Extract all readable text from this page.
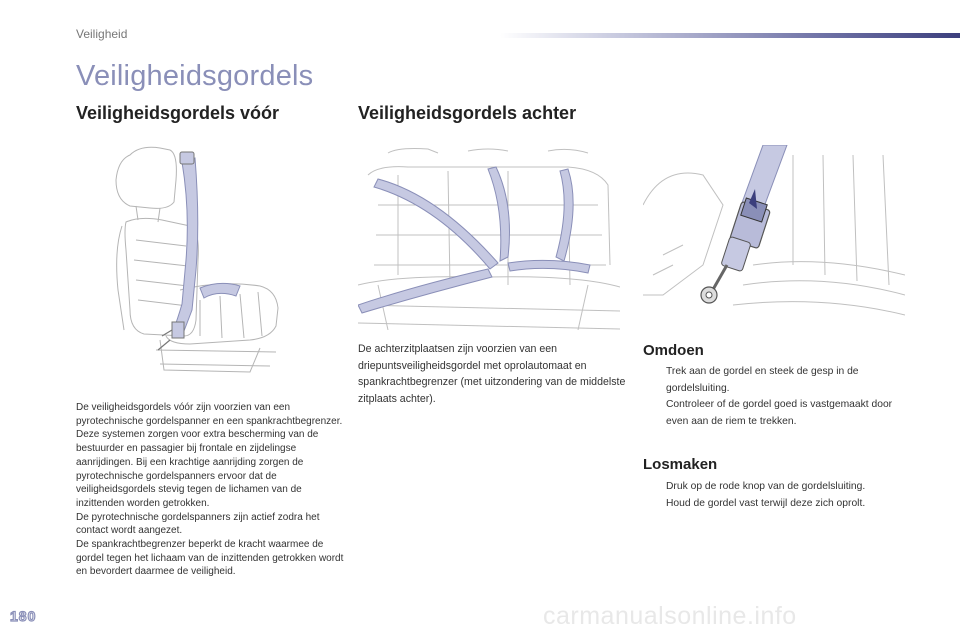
Veiligheid
Veiligheidsgordels
Veiligheidsgordels vóór	Veiligheidsgordels achter

De veiligheidsgordels vóór zijn voorzien van een pyrotechnische gordelspanner en een spankrachtbegrenzer.

Deze systemen zorgen voor extra bescherming van de bestuurder en passagier bij frontale en zijdelingse aanrijdingen. Bij een krachtige aanrijding zorgen de pyrotechnische gordelspanners ervoor dat de veiligheidsgordels stevig tegen de lichamen van de inzittenden worden getrokken.

De pyrotechnische gordelspanners zijn actief zodra het contact wordt aangezet.

De spankrachtbegrenzer beperkt de kracht waarmee de gordel tegen het lichaam van de inzittenden getrokken wordt en bevordert daarmee de veiligheid.

De achterzitplaatsen zijn voorzien van een driepuntsveiligheidsgordel met oprolautomaat en spankrachtbegrenzer (met uitzondering van de middelste zitplaats achter).
Omdoen
Trek aan de gordel en steek de gesp in de gordelsluiting.
Controleer of de gordel goed is vastgemaakt door even aan de riem te trekken.
Losmaken
Druk op de rode knop van de gordelsluiting.
Houd de gordel vast terwijl deze zich oprolt.
180	carmanualsonline.info
